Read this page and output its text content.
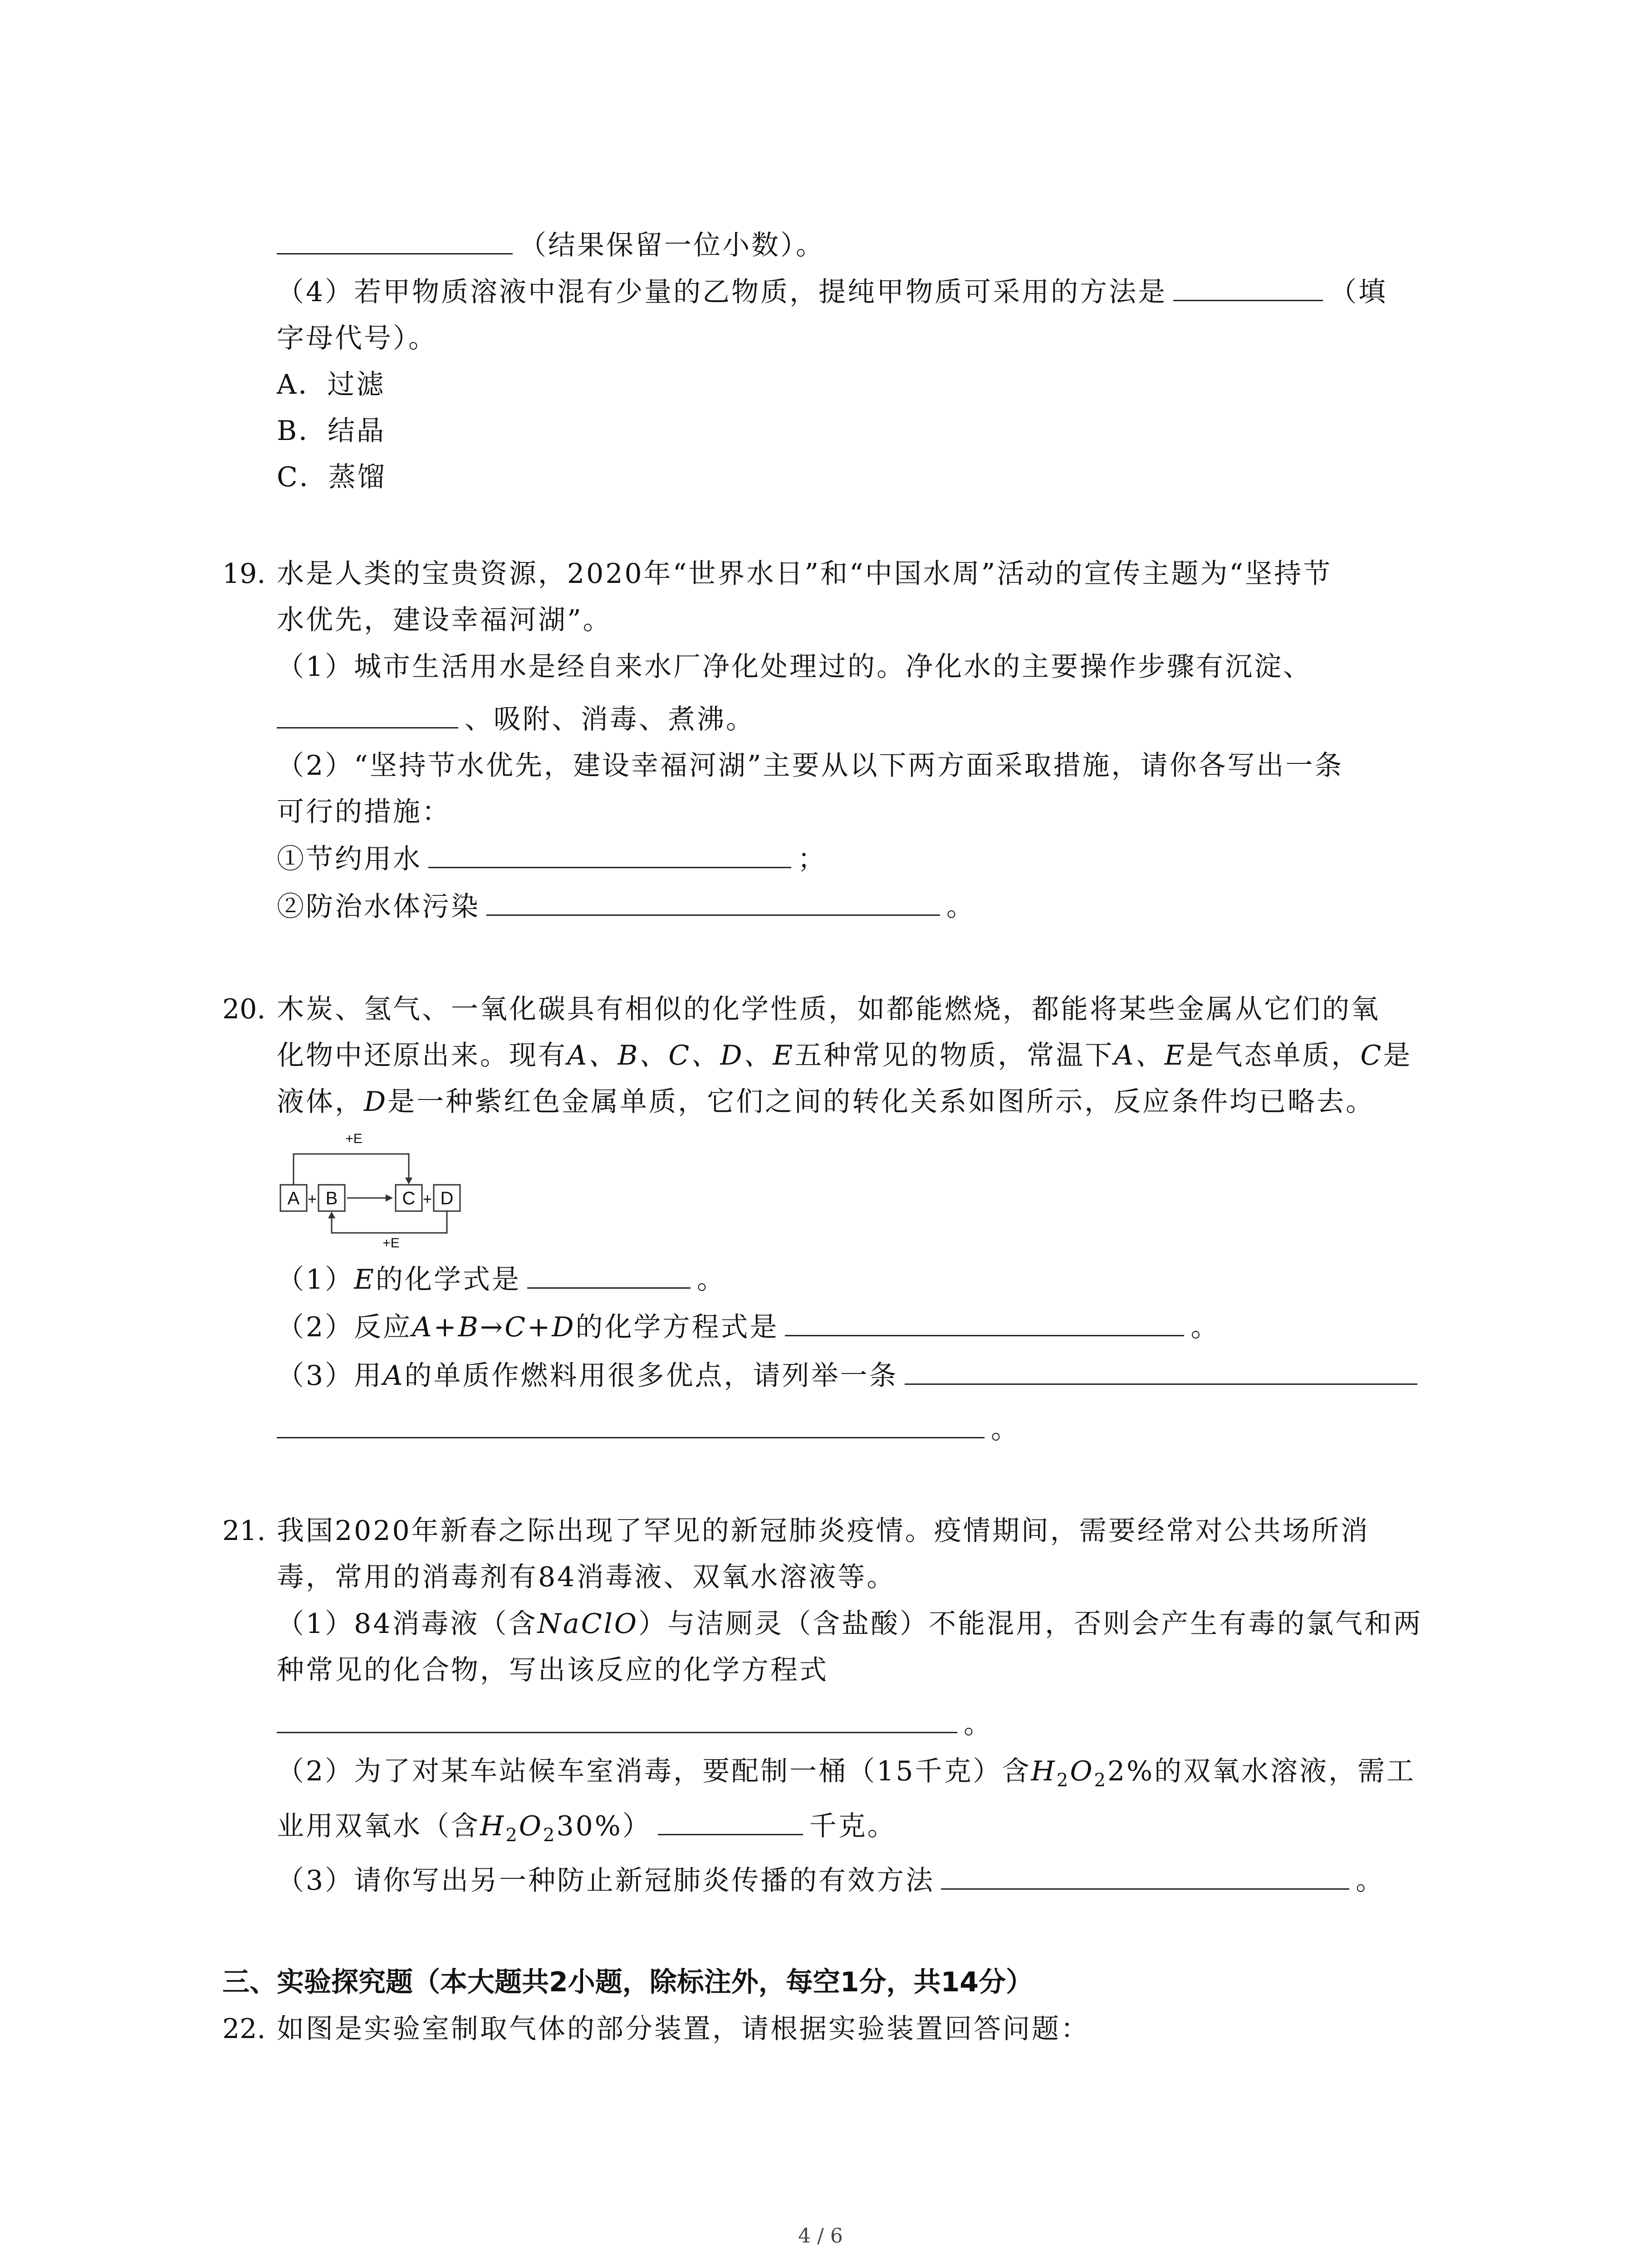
（结果保留一位小数）。
（4）若甲物质溶液中混有少量的乙物质，提纯甲物质可采用的方法是	（填
字母代号）。
A．过滤
B．结晶
C．蒸馏
19. 水是人类的宝贵资源，2020年“世界水日”和“中国水周”活动的宣传主题为“坚持节
水优先，建设幸福河湖”。
（1）城市生活用水是经自来水厂净化处理过的。净化水的主要操作步骤有沉淀、
、吸附、消毒、煮沸。
（2）“坚持节水优先，建设幸福河湖”主要从以下两方面采取措施，请你各写出一条
可行的措施：
①节约用水	；
②防治水体污染	。
20. 木炭、氢气、一氧化碳具有相似的化学性质，如都能燃烧，都能将某些金属从它们的氧
化物中还原出来。现有A、B、C、D、E五种常见的物质，常温下A、E是气态单质，C是
液体，D是一种紫红色金属单质，它们之间的转化关系如图所示，反应条件均已略去。
A + B	C + D
+E
+E
（1）E的化学式是	。
（2）反应A+B→C+D的化学方程式是	。
（3）用A的单质作燃料用很多优点，请列举一条
。
21. 我国2020年新春之际出现了罕见的新冠肺炎疫情。疫情期间，需要经常对公共场所消
毒，常用的消毒剂有84消毒液、双氧水溶液等。
（1）84消毒液（含NaClO）与洁厕灵（含盐酸）不能混用，否则会产生有毒的氯气和两
种常见的化合物，写出该反应的化学方程式
。
（2）为了对某车站候车室消毒，要配制一桶（15千克）含$H_2O_22\%$的双氧水溶液，需工
业用双氧水（含$H_2O_230\%$）	千克。
（3）请你写出另一种防止新冠肺炎传播的有效方法	。
三、实验探究题（本大题共2小题，除标注外，每空1分，共14分）
22. 如图是实验室制取气体的部分装置，请根据实验装置回答问题：
4 / 6
